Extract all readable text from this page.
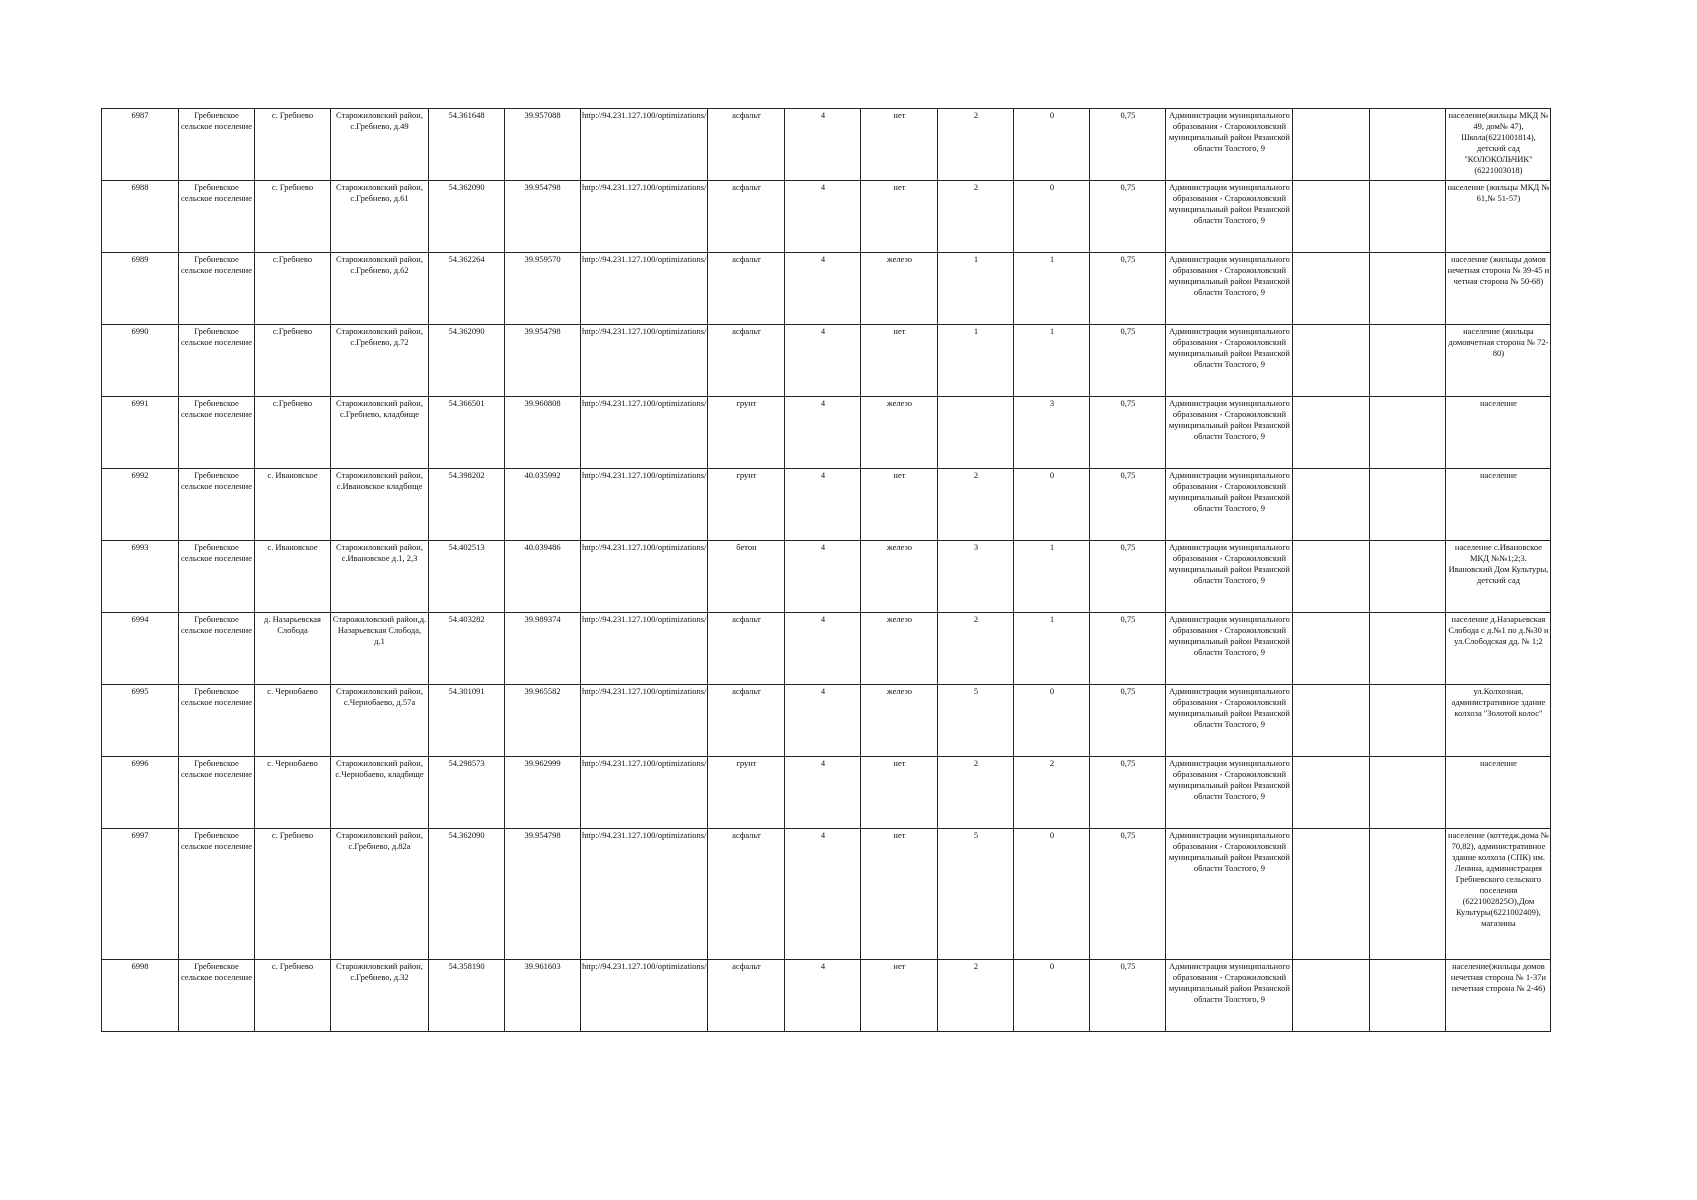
6987	Гребневское сельское поселение	с. Гребнево	Старожиловский район, с.Гребнево, д.49	54.361648	39.957088	http://94.231.127.100/optimizations/	асфальт	4	нет	2	0	0,75	Администрация муниципального образования - Старожиловский муниципальный район Рязанской области Толстого, 9			население(жильцы МКД № 49, дом№ 47), Школа(6221001814), детский сад "КОЛОКОЛЬЧИК"(6221003018)
6988	Гребневское сельское поселение	с. Гребнево	Старожиловский район, с.Гребнево, д.61	54.362090	39.954798	http://94.231.127.100/optimizations/	асфальт	4	нет	2	0	0,75	Администрация муниципального образования - Старожиловский муниципальный район Рязанской области Толстого, 9			население (жильцы МКД № 61,№ 51-57)
6989	Гребневское сельское поселение	с.Гребнево	Старожиловский район, с.Гребнево, д.62	54.362264	39.959570	http://94.231.127.100/optimizations/	асфальт	4	железо	1	1	0,75	Администрация муниципального образования - Старожиловский муниципальный район Рязанской области Толстого, 9			население (жильцы домов нечетная сторона № 39-45 и четная сторона № 50-68)
6990	Гребневское сельское поселение	с.Гребнево	Старожиловский район, с.Гребнево, д.72	54.362090	39.954798	http://94.231.127.100/optimizations/	асфальт	4	нет	1	1	0,75	Администрация муниципального образования - Старожиловский муниципальный район Рязанской области Толстого, 9			население (жильцы домовчетная сторона № 72-80)
6991	Гребневское сельское поселение	с.Гребнево	Старожиловский район, с.Гребнево, кладбище	54.366501	39.960808	http://94.231.127.100/optimizations/	грунт	4	железо		3	0,75	Администрация муниципального образования - Старожиловский муниципальный район Рязанской области Толстого, 9			население
6992	Гребневское сельское поселение	с. Ивановское	Старожиловский район, с.Ивановское кладбище	54.398202	40.035992	http://94.231.127.100/optimizations/	грунт	4	нет	2	0	0,75	Администрация муниципального образования - Старожиловский муниципальный район Рязанской области Толстого, 9			население
6993	Гребневское сельское поселение	с. Ивановское	Старожиловский район, с.Ивановское д.1, 2,3	54.402513	40.039486	http://94.231.127.100/optimizations/	бетон	4	железо	3	1	0,75	Администрация муниципального образования - Старожиловский муниципальный район Рязанской области Толстого, 9			население с.Ивановское МКД №№1;2;3. Ивановский Дом Культуры, детский сад
6994	Гребневское сельское поселение	д. Назарьевская Слобода	Старожиловский район,д. Назарьевская Слобода, д.1	54.403282	39.989374	http://94.231.127.100/optimizations/	асфальт	4	железо	2	1	0,75	Администрация муниципального образования - Старожиловский муниципальный район Рязанской области Толстого, 9			население д.Назарьевская Слобода с д.№1 по д.№30 и ул.Слободская дд. № 1;2
6995	Гребневское сельское поселение	с. Чернобаево	Старожиловский район, с.Чернобаево, д.57а	54.301091	39.965582	http://94.231.127.100/optimizations/	асфальт	4	железо	5	0	0,75	Администрация муниципального образования - Старожиловский муниципальный район Рязанской области Толстого, 9			ул.Колхозная, административное здание колхоза "Золотой колос"
6996	Гребневское сельское поселение	с. Чернобаево	Старожиловский район, с.Чернобаево, кладбище	54.298573	39.962999	http://94.231.127.100/optimizations/	грунт	4	нет	2	2	0,75	Администрация муниципального образования - Старожиловский муниципальный район Рязанской области Толстого, 9			население
6997	Гребневское сельское поселение	с. Гребнево	Старожиловский район, с.Гребнево, д.82а	54.362090	39.954798	http://94.231.127.100/optimizations/	асфальт	4	нет	5	0	0,75	Администрация муниципального образования - Старожиловский муниципальный район Рязанской области Толстого, 9			население (коттедж.дома № 70,82), административное здание колхоза (СПК) им. Ленина, администрация Гребневского сельского поселения (6221002825O),Дом Культуры(6221002409), магазины
6998	Гребневское сельское поселение	с. Гребнево	Старожиловский район, с.Гребнево, д.32	54.358190	39.961603	http://94.231.127.100/optimizations/	асфальт	4	нет	2	0	0,75	Администрация муниципального образования - Старожиловский муниципальный район Рязанской области Толстого, 9			население(жильцы домов нечетная сторона № 1-37и нечетная сторона № 2-46)
